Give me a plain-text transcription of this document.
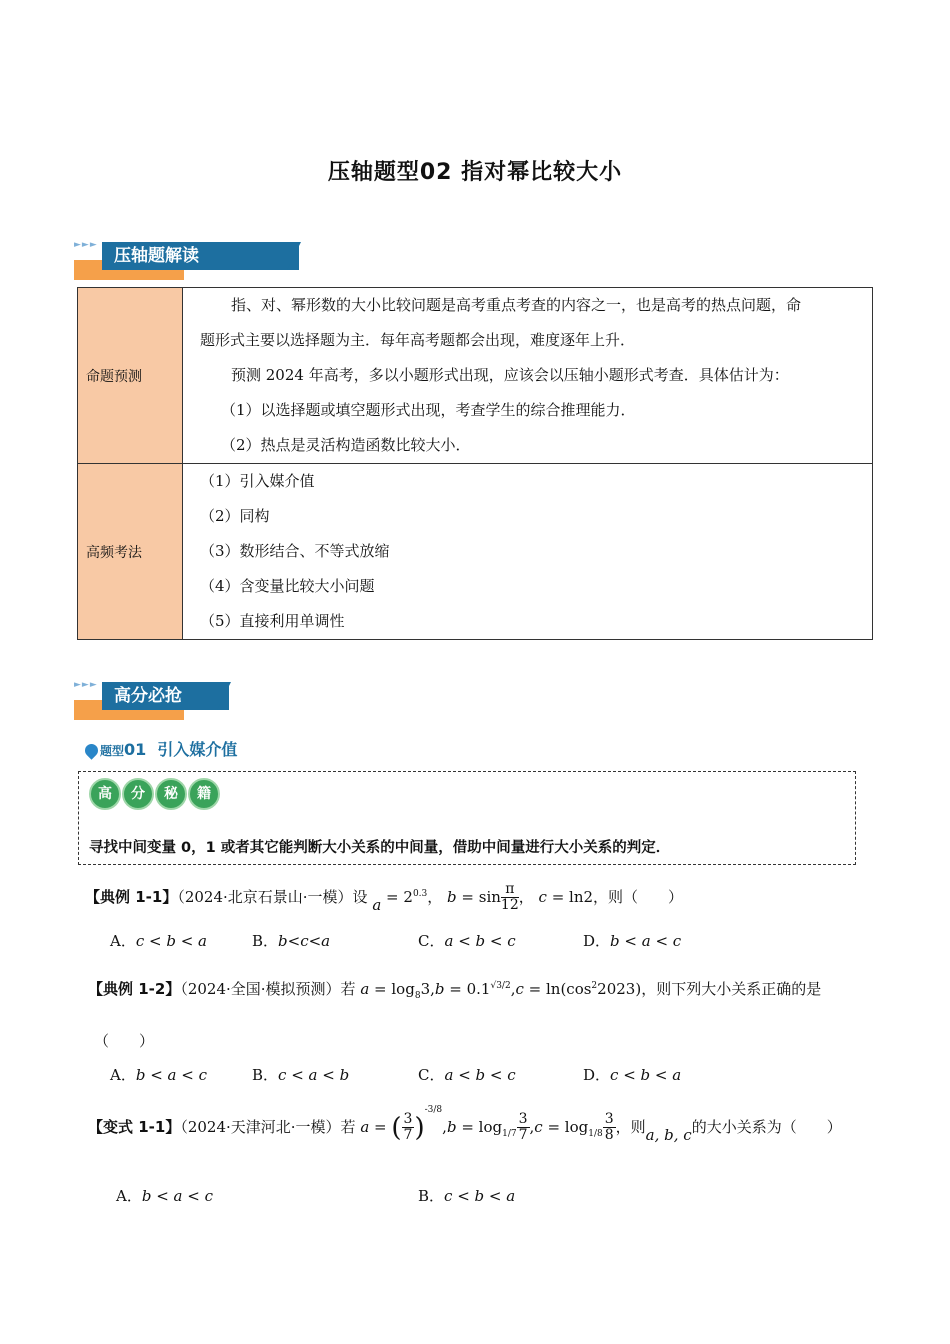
压轴题型02 指对幂比较大小
►►►
压轴题解读
命题预测	指、对、幂形数的大小比较问题是高考重点考查的内容之一，也是高考的热点问题，命
题形式主要以选择题为主．每年高考题都会出现，难度逐年上升．
预测 2024 年高考，多以小题形式出现，应该会以压轴小题形式考查．具体估计为：
（1）以选择题或填空题形式出现，考查学生的综合推理能力．
（2）热点是灵活构造函数比较大小．

高频考法	（1）引入媒介值
（2）同构
（3）数形结合、不等式放缩
（4）含变量比较大小问题
（5）直接利用单调性
►►►
高分必抢
题型01 引入媒介值
高	分	秘	籍
寻找中间变量 0，1 或者其它能判断大小关系的中间量，借助中间量进行大小关系的判定．
【典例 1-1】（2024·北京石景山·一模）设 $a = 2^{0.3}$， $b = \sin \frac{\pi}{12}$ ， c = ln2，则（　　）
A．c < b < a	B．b<c<a	C．a < b < c	D．b < a < c
【典例 1-2】（2024·全国·模拟预测）若 $a = \log_83,b = 0.1^{√3/2},c = \ln(\cos^22023)$，则下列大小关系正确的是
（　　）
A．b < a < c	B．c < a < b	C．a < b < c	D．c < b < a
【变式 1-1】（2024·天津河北·一模）若 a = ( $\frac{3}{7} )^{-3/8},b = \log_{1/7} \frac{3}{7} ,c = \log_{1/8} \frac{3}{8}$ ，则a, b, c的大小关系为（　　）
A．b < a < c	B．c < b < a
